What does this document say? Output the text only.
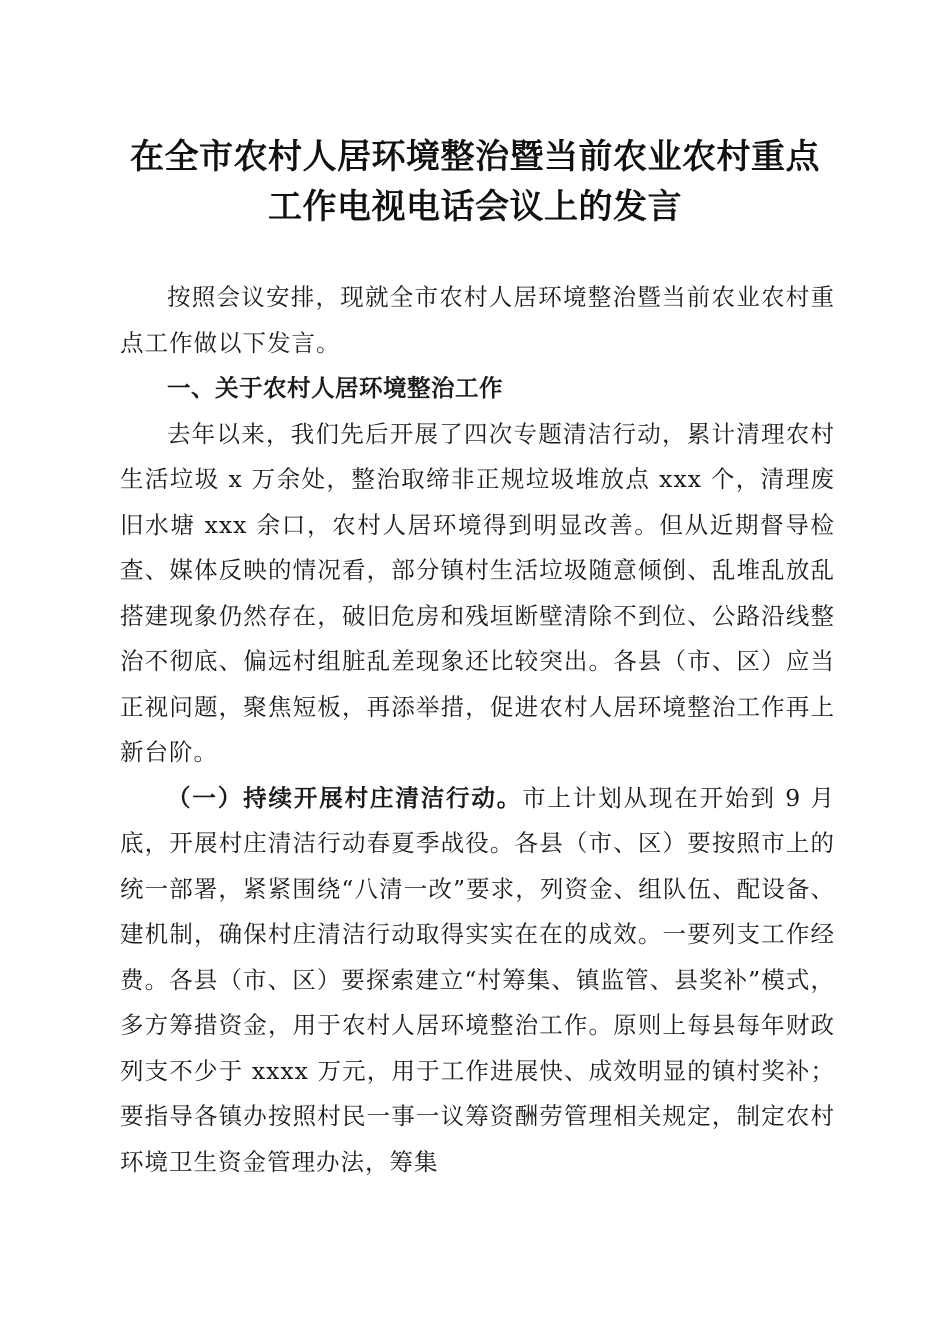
在全市农村人居环境整治暨当前农业农村重点
工作电视电话会议上的发言

按照会议安排，现就全市农村人居环境整治暨当前农业农村重点工作做以下发言。

一、关于农村人居环境整治工作

去年以来，我们先后开展了四次专题清洁行动，累计清理农村生活垃圾 x 万余处，整治取缔非正规垃圾堆放点 xxx 个，清理废旧水塘 xxx 余口，农村人居环境得到明显改善。但从近期督导检查、媒体反映的情况看，部分镇村生活垃圾随意倾倒、乱堆乱放乱搭建现象仍然存在，破旧危房和残垣断壁清除不到位、公路沿线整治不彻底、偏远村组脏乱差现象还比较突出。各县（市、区）应当正视问题，聚焦短板，再添举措，促进农村人居环境整治工作再上新台阶。

（一）持续开展村庄清洁行动。市上计划从现在开始到 9 月底，开展村庄清洁行动春夏季战役。各县（市、区）要按照市上的统一部署，紧紧围绕“八清一改”要求，列资金、组队伍、配设备、建机制，确保村庄清洁行动取得实实在在的成效。一要列支工作经费。各县（市、区）要探索建立“村筹集、镇监管、县奖补”模式，多方筹措资金，用于农村人居环境整治工作。原则上每县每年财政列支不少于 xxxx 万元，用于工作进展快、成效明显的镇村奖补；要指导各镇办按照村民一事一议筹资酬劳管理相关规定，制定农村环境卫生资金管理办法，筹集
